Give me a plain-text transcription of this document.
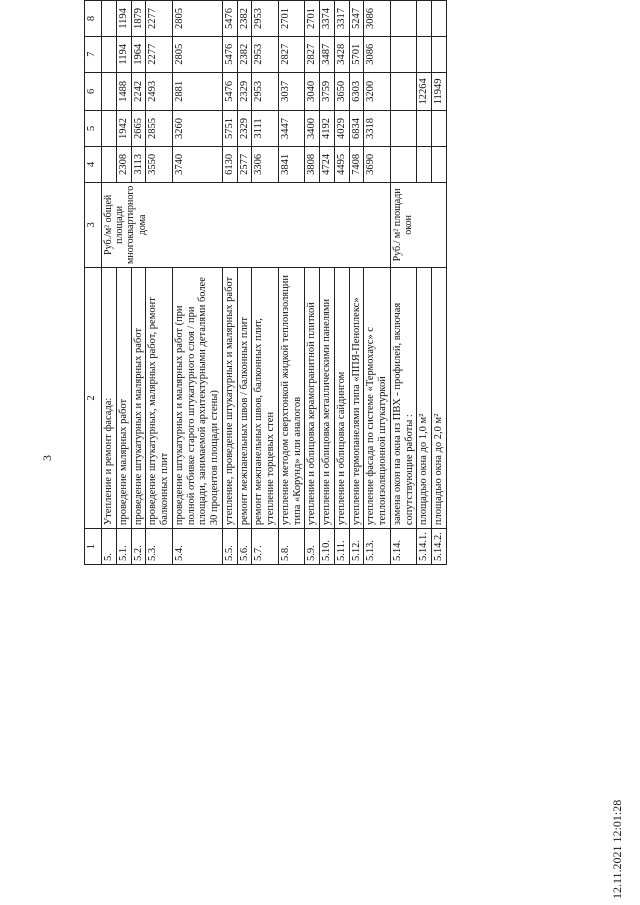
3
12.11.2021 12:01:28
1	2	3	4	5	6	7	8
5.	Утепление и ремонт фасада:	Руб./м² общей площади многоквартирного дома					
5.1.	проведение малярных работ		2308	1942	1488	1194	1194
5.2.	проведение штукатурных и малярных работ		3113	2665	2242	1964	1879
5.3.	проведение штукатурных, малярных работ, ремонт балконных плит		3550	2855	2493	2277	2277
5.4.	проведение штукатурных и малярных работ (при полной отбивке старого штукатурного слоя / при площади, занимаемой архитектурными деталями более 30 процентов площади стены)		3740	3260	2881	2805	2805
5.5.	утепление, проведение штукатурных и малярных работ		6130	5751	5476	5476	5476
5.6.	ремонт межпанельных швов / балконных плит		2577	2329	2329	2382	2382
5.7.	ремонт межпанельных швов, балконных плит, утепление торцевых стен		3306	3111	2953	2953	2953
5.8.	утепление методом сверхтонкой жидкой теплоизоляции типа «Корунд» или аналогов		3841	3447	3037	2827	2701
5.9.	утепление и облицовка керамогранитной плиткой		3808	3400	3040	2827	2701
5.10.	утепление и облицовка металлическими панелями		4724	4192	3759	3487	3374
5.11.	утепление и облицовка сайдингом		4495	4029	3650	3428	3317
5.12.	утепление термопанелями типа «ППЯ-Пеноплекс»		7408	6834	6303	5701	5247
5.13.	утепление фасада по системе «Термохаус» с теплоизоляционной штукатуркой		3690	3318	3200	3086	3086
5.14.	замена окон на окна из ПВХ - профилей, включая сопутствующие работы :	Руб./ м² площади окон					
5.14.1.	площадью окна до 1,0 м²				12264		
5.14.2.	площадью окна до 2,0 м²				11949		
